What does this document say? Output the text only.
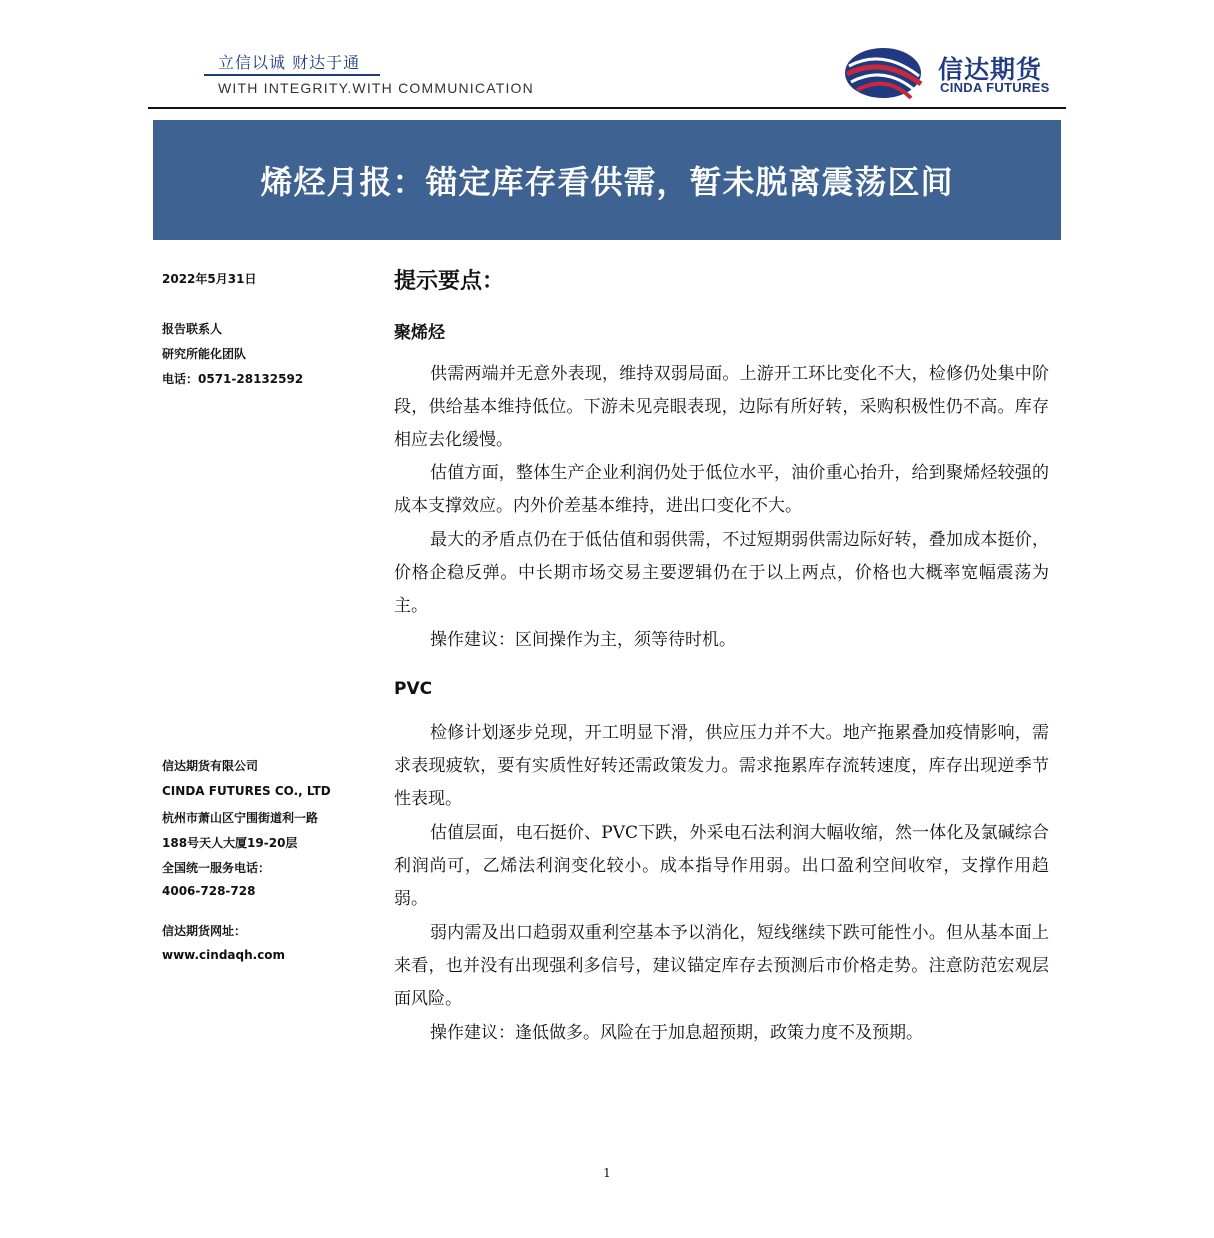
立信以诚 财达于通
WITH INTEGRITY.WITH COMMUNICATION
信达期货
CINDA FUTURES
烯烃月报：锚定库存看供需，暂未脱离震荡区间
2022年5月31日
报告联系人
研究所能化团队
电话：0571-28132592
信达期货有限公司
CINDA FUTURES CO., LTD
杭州市萧山区宁围街道利一路
188号天人大厦19-20层
全国统一服务电话：
4006-728-728
信达期货网址：
www.cindaqh.com
提示要点：
聚烯烃
供需两端并无意外表现，维持双弱局面。上游开工环比变化不大，检修仍处集中阶段，供给基本维持低位。下游未见亮眼表现，边际有所好转，采购积极性仍不高。库存相应去化缓慢。
估值方面，整体生产企业利润仍处于低位水平，油价重心抬升，给到聚烯烃较强的成本支撑效应。内外价差基本维持，进出口变化不大。
最大的矛盾点仍在于低估值和弱供需，不过短期弱供需边际好转，叠加成本挺价，价格企稳反弹。中长期市场交易主要逻辑仍在于以上两点，价格也大概率宽幅震荡为主。
操作建议：区间操作为主，须等待时机。
PVC
检修计划逐步兑现，开工明显下滑，供应压力并不大。地产拖累叠加疫情影响，需求表现疲软，要有实质性好转还需政策发力。需求拖累库存流转速度，库存出现逆季节性表现。
估值层面，电石挺价、PVC下跌，外采电石法利润大幅收缩，然一体化及氯碱综合利润尚可，乙烯法利润变化较小。成本指导作用弱。出口盈利空间收窄，支撑作用趋弱。
弱内需及出口趋弱双重利空基本予以消化，短线继续下跌可能性小。但从基本面上来看，也并没有出现强利多信号，建议锚定库存去预测后市价格走势。注意防范宏观层面风险。
操作建议：逢低做多。风险在于加息超预期，政策力度不及预期。
1
